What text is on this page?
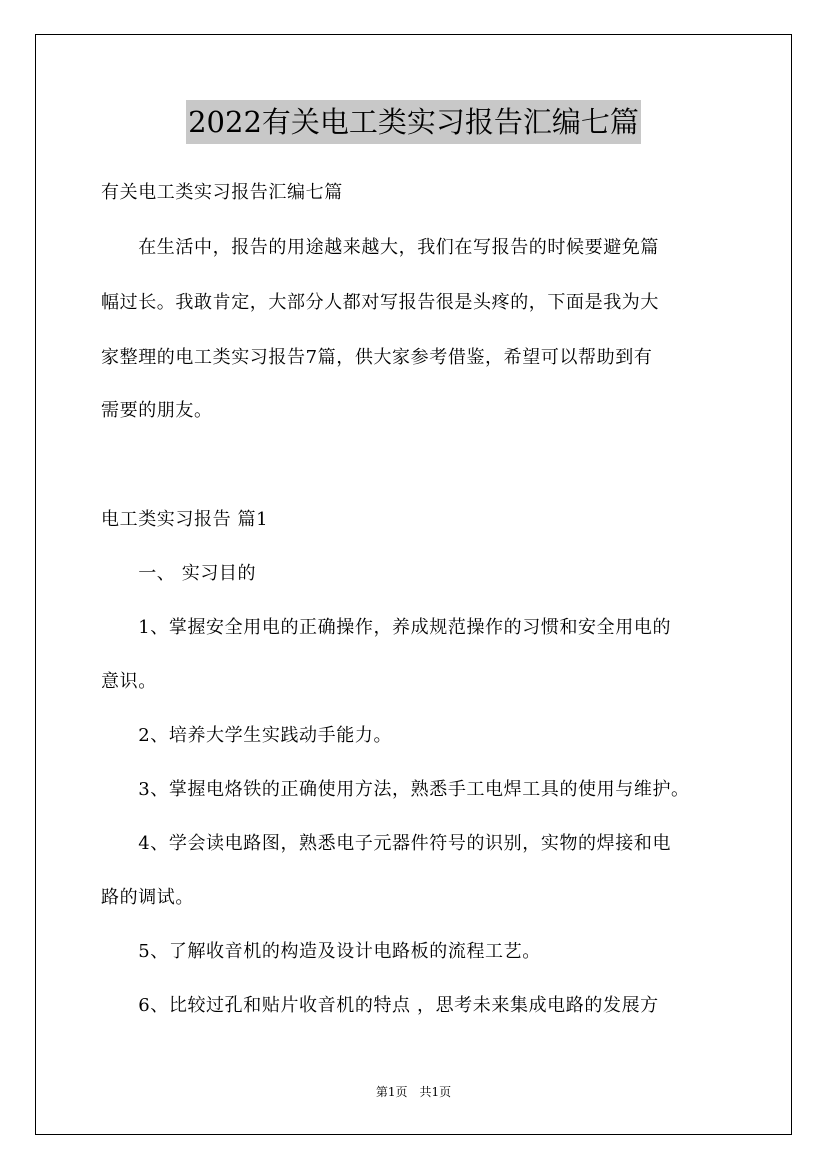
2022有关电工类实习报告汇编七篇
有关电工类实习报告汇编七篇
　　在生活中，报告的用途越来越大，我们在写报告的时候要避免篇
幅过长。我敢肯定，大部分人都对写报告很是头疼的，下面是我为大
家整理的电工类实习报告7篇，供大家参考借鉴，希望可以帮助到有
需要的朋友。
电工类实习报告 篇1
　　一、 实习目的
　　1、掌握安全用电的正确操作，养成规范操作的习惯和安全用电的
意识。
　　2、培养大学生实践动手能力。
　　3、掌握电烙铁的正确使用方法，熟悉手工电焊工具的使用与维护。
　　4、学会读电路图，熟悉电子元器件符号的识别，实物的焊接和电
路的调试。
　　5、了解收音机的构造及设计电路板的流程工艺。
　　6、比较过孔和贴片收音机的特点 ，思考未来集成电路的发展方
第1页　共1页
